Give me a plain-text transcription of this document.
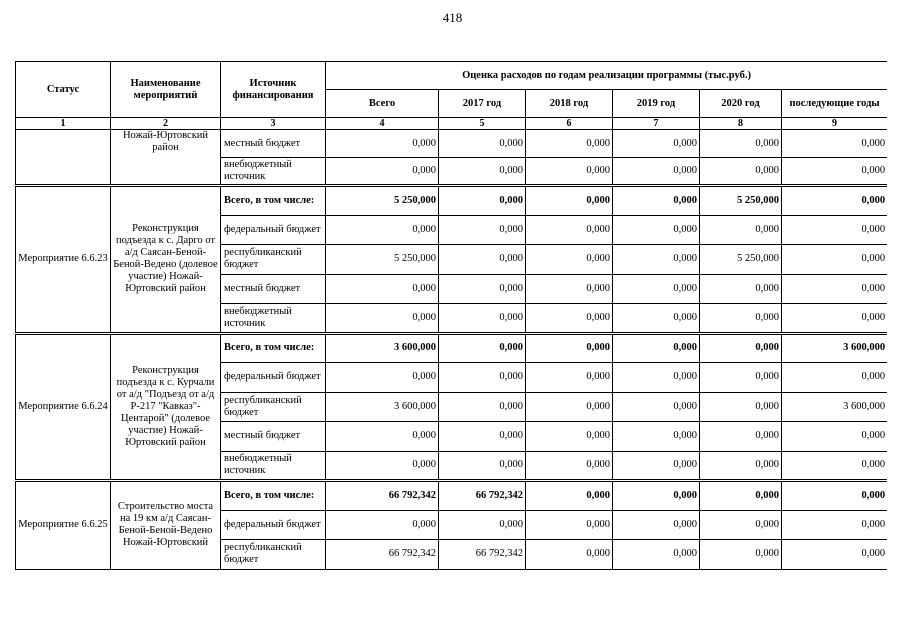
418
Статус	Наименование мероприятий	Источник финансирования	Оценка расходов по годам реализации программы (тыс.руб.)					
			Всего	2017 год	2018 год	2019 год	2020 год	последующие годы
1	2	3	4	5	6	7	8	9
	Ножай-Юртовский район	местный бюджет	0,000	0,000	0,000	0,000	0,000	0,000
		внебюджетный источник	0,000	0,000	0,000	0,000	0,000	0,000
Мероприятие 6.6.23	Реконструкция подъезда к с. Дарго от а/д Саясан-Беной-Беной-Ведено (долевое участие) Ножай-Юртовский район	Всего, в том числе:	5 250,000	0,000	0,000	0,000	5 250,000	0,000
		федеральный бюджет	0,000	0,000	0,000	0,000	0,000	0,000
		республиканский бюджет	5 250,000	0,000	0,000	0,000	5 250,000	0,000
		местный бюджет	0,000	0,000	0,000	0,000	0,000	0,000
		внебюджетный источник	0,000	0,000	0,000	0,000	0,000	0,000
Мероприятие 6.6.24	Реконструкция подъезда к с. Курчали от а/д "Подъезд от а/д Р-217 "Кавказ"-Центарой" (долевое участие) Ножай-Юртовский район	Всего, в том числе:	3 600,000	0,000	0,000	0,000	0,000	3 600,000
		федеральный бюджет	0,000	0,000	0,000	0,000	0,000	0,000
		республиканский бюджет	3 600,000	0,000	0,000	0,000	0,000	3 600,000
		местный бюджет	0,000	0,000	0,000	0,000	0,000	0,000
		внебюджетный источник	0,000	0,000	0,000	0,000	0,000	0,000
Мероприятие 6.6.25	Строительство моста на 19 км а/д Саясан-Беной-Беной-Ведено Ножай-Юртовский	Всего, в том числе:	66 792,342	66 792,342	0,000	0,000	0,000	0,000
		федеральный бюджет	0,000	0,000	0,000	0,000	0,000	0,000
		республиканский бюджет	66 792,342	66 792,342	0,000	0,000	0,000	0,000
